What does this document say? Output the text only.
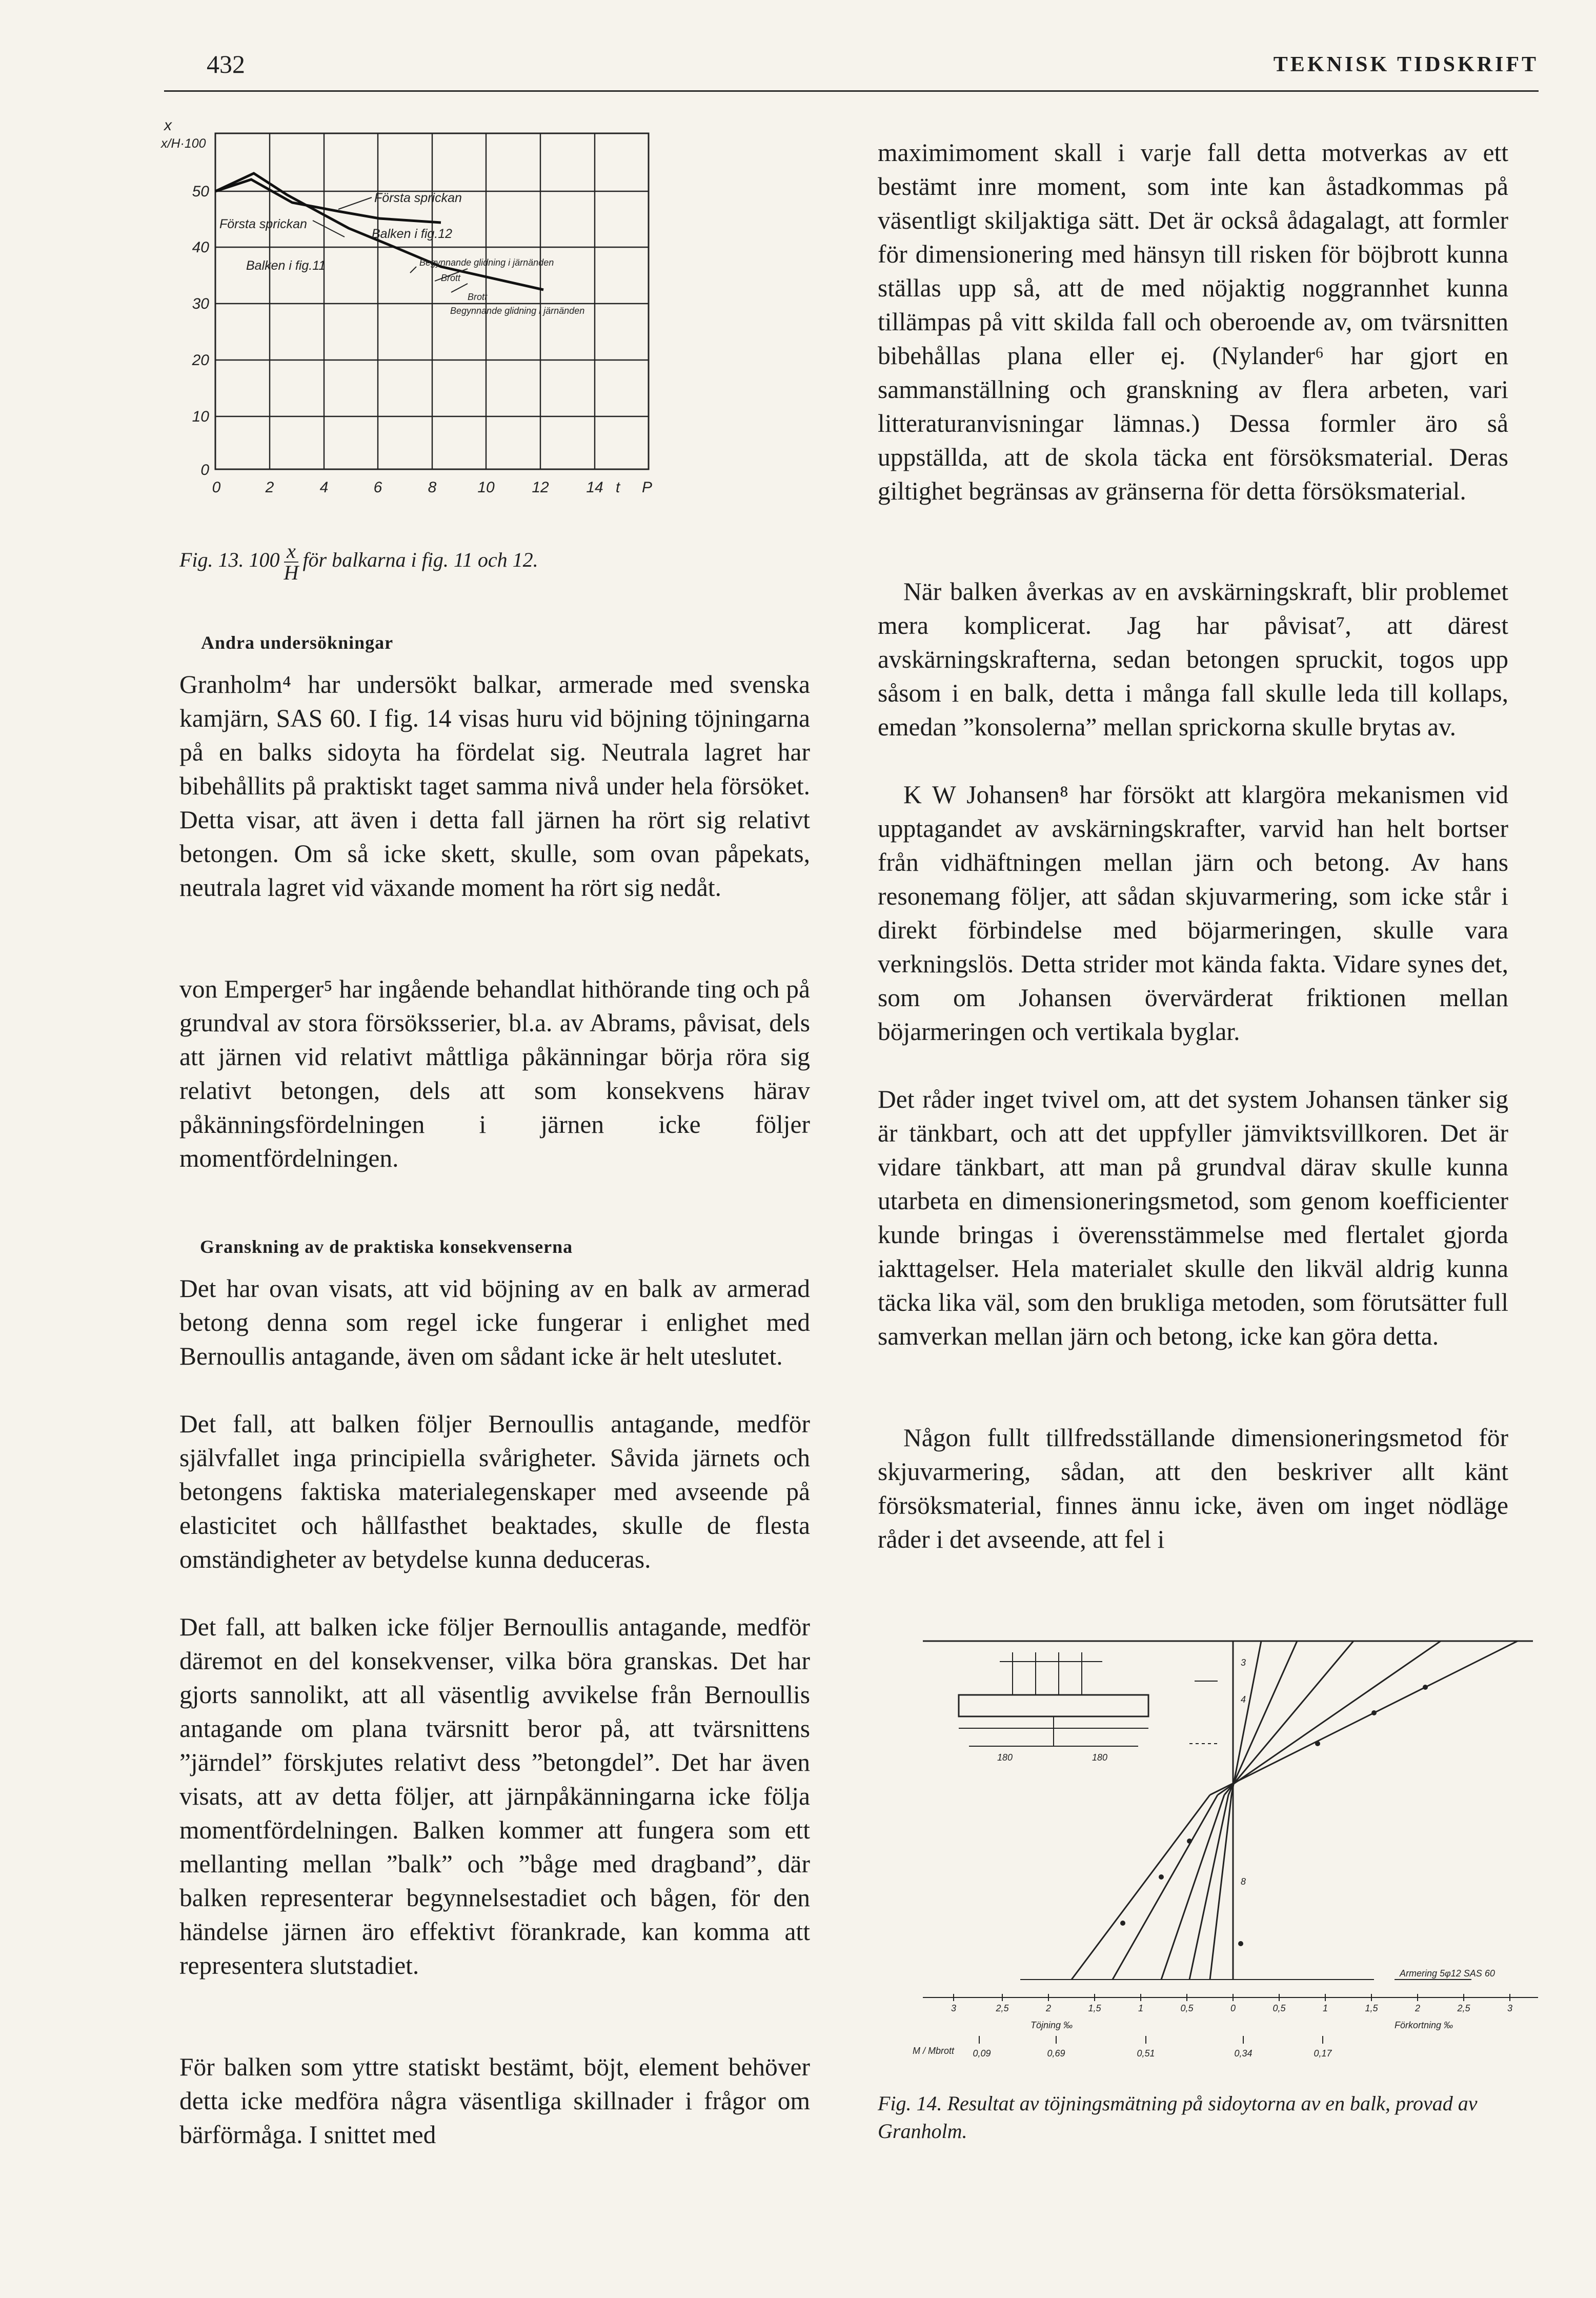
432	TEKNISK TIDSKRIFT
x
x/H·100
50
40
30
20
10
0
0	2	4	6	8	10 12 14 t P
Första sprickan
Första sprickan
Balken i fig.12
Balken i fig.11	Begynnande glidning i järnänden
Brott
Brott
Begynnande glidning i järnänden
Fig. 13. $100 \frac{x}{H}$ för balkarna i fig. 11 och 12.
Andra undersökningar

Granholm⁴ har undersökt balkar, armerade med svenska kamjärn, SAS 60. I fig. 14 visas huru vid böjning töjningarna på en balks sidoyta ha fördelat sig. Neutrala lagret har bibehållits på praktiskt taget samma nivå under hela försöket. Detta visar, att även i detta fall järnen ha rört sig relativt betongen. Om så icke skett, skulle, som ovan påpekats, neutrala lagret vid växande moment ha rört sig nedåt.

von Emperger⁵ har ingående behandlat hithörande ting och på grundval av stora försöksserier, bl.a. av Abrams, påvisat, dels att järnen vid relativt måttliga påkänningar börja röra sig relativt betongen, dels att som konsekvens härav påkänningsfördelningen i järnen icke följer momentfördelningen.

Granskning av de praktiska konsekvenserna

Det har ovan visats, att vid böjning av en balk av armerad betong denna som regel icke fungerar i enlighet med Bernoullis antagande, även om sådant icke är helt uteslutet.

Det fall, att balken följer Bernoullis antagande, medför självfallet inga principiella svårigheter. Såvida järnets och betongens faktiska materialegenskaper med avseende på elasticitet och hållfasthet beaktades, skulle de flesta omständigheter av betydelse kunna deduceras.

Det fall, att balken icke följer Bernoullis antagande, medför däremot en del konsekvenser, vilka böra granskas. Det har gjorts sannolikt, att all väsentlig avvikelse från Bernoullis antagande om plana tvärsnitt beror på, att tvärsnittens ”järndel” förskjutes relativt dess ”betongdel”. Det har även visats, att av detta följer, att järnpåkänningarna icke följa momentfördelningen. Balken kommer att fungera som ett mellanting mellan ”balk” och ”båge med dragband”, där balken representerar begynnelsestadiet och bågen, för den händelse järnen äro effektivt förankrade, kan komma att representera slutstadiet.

För balken som yttre statiskt bestämt, böjt, element behöver detta icke medföra några väsentliga skillnader i frågor om bärförmåga. I snittet med

maximimoment skall i varje fall detta motverkas av ett bestämt inre moment, som inte kan åstadkommas på väsentligt skiljaktiga sätt. Det är också ådagalagt, att formler för dimensionering med hänsyn till risken för böjbrott kunna ställas upp så, att de med nöjaktig noggrannhet kunna tillämpas på vitt skilda fall och oberoende av, om tvärsnitten bibehållas plana eller ej. (Nylander⁶ har gjort en sammanställning och granskning av flera arbeten, vari litteraturanvisningar lämnas.) Dessa formler äro så uppställda, att de skola täcka ent försöksmaterial. Deras giltighet begränsas av gränserna för detta försöksmaterial.

När balken åverkas av en avskärningskraft, blir problemet mera komplicerat. Jag har påvisat⁷, att därest avskärningskrafterna, sedan betongen spruckit, togos upp såsom i en balk, detta i många fall skulle leda till kollaps, emedan ”konsolerna” mellan sprickorna skulle brytas av.

K W Johansen⁸ har försökt att klargöra mekanismen vid upptagandet av avskärningskrafter, varvid han helt bortser från vidhäftningen mellan järn och betong. Av hans resonemang följer, att sådan skjuvarmering, som icke står i direkt förbindelse med böjarmeringen, skulle vara verkningslös. Detta strider mot kända fakta. Vidare synes det, som om Johansen övervärderat friktionen mellan böjarmeringen och vertikala byglar.

Det råder inget tvivel om, att det system Johansen tänker sig är tänkbart, och att det uppfyller jämviktsvillkoren. Det är vidare tänkbart, att man på grundval därav skulle kunna utarbeta en dimensioneringsmetod, som genom koefficienter kunde bringas i överensstämmelse med flertalet gjorda iakttagelser. Hela materialet skulle den likväl aldrig kunna täcka lika väl, som den brukliga metoden, som förutsätter full samverkan mellan järn och betong, icke kan göra detta.

Någon fullt tillfredsställande dimensioneringsmetod för skjuvarmering, sådan, att den beskriver allt känt försöksmaterial, finnes ännu icke, även om inget nödläge råder i det avseende, att fel i

180	180
3
4
8
Armering 5φ12 SAS 60
3	2,5	2	1,5	1	0,5	0	0,5	1	1,5	2	2,5	3
Töjning ‰	Förkortning ‰
M / Mbrott 0,09	0,69	0,51	0,34	0,17

Fig. 14. Resultat av töjningsmätning på sidoytorna av en balk, provad av Granholm.
